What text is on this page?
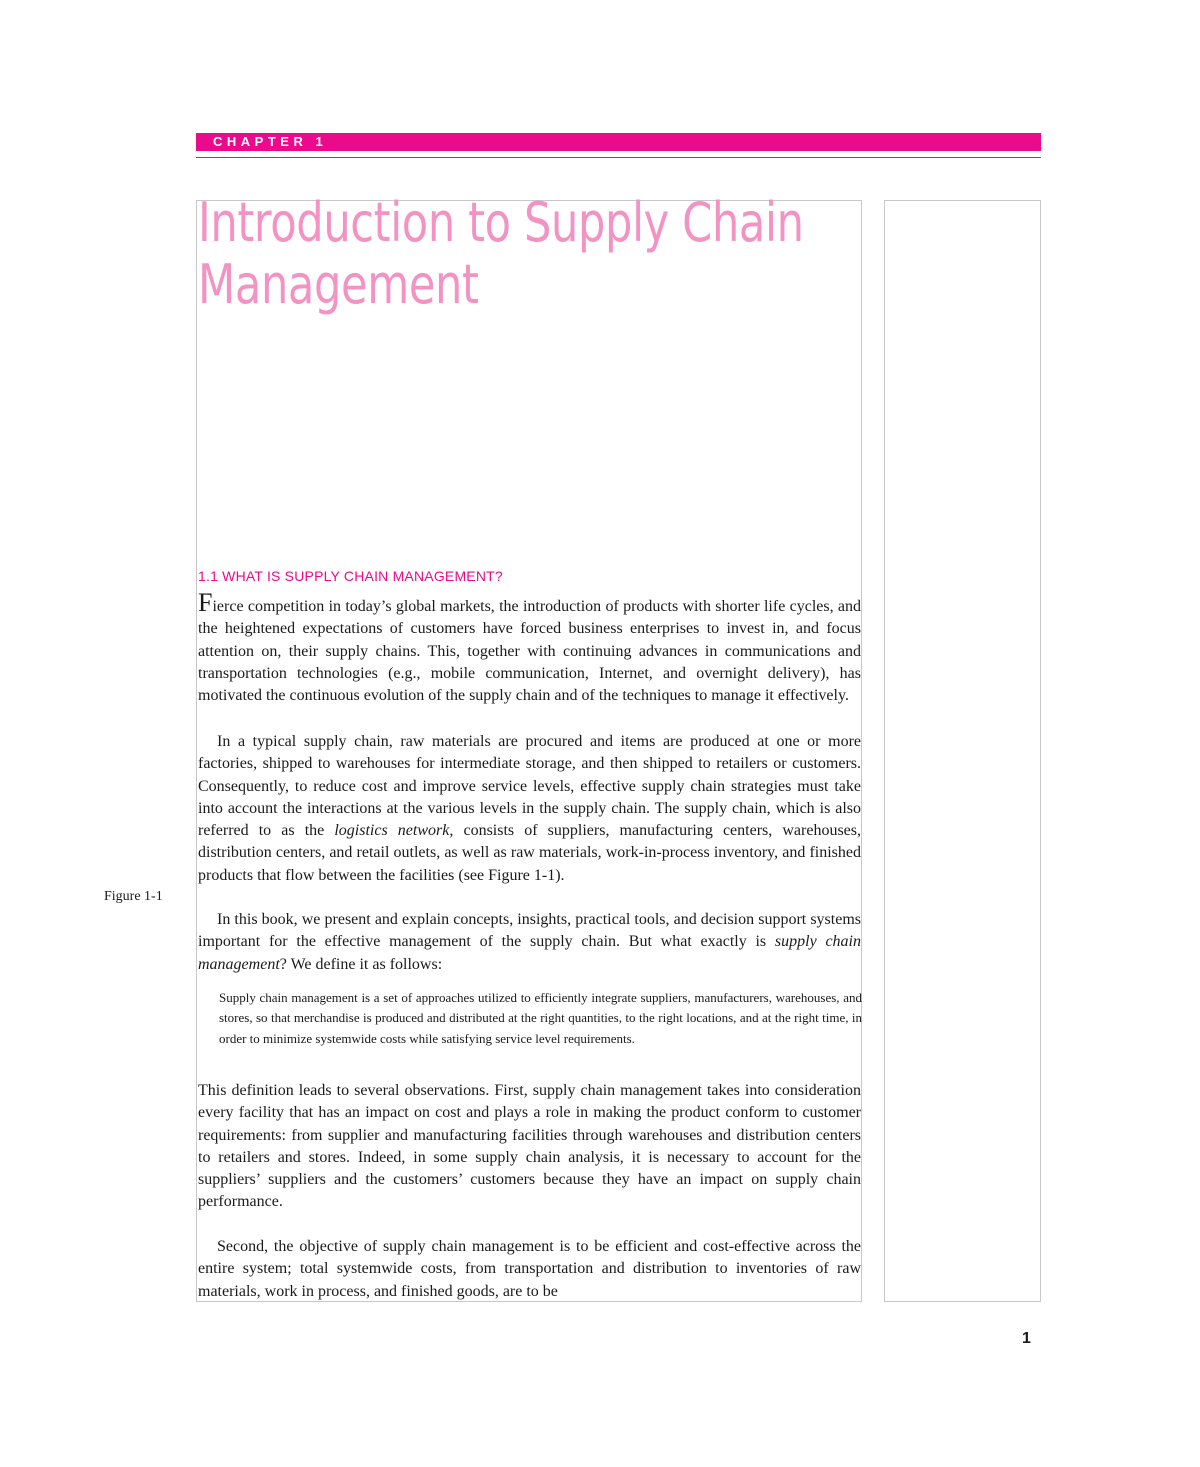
CHAPTER 1
Introduction to Supply Chain
Management
1.1 WHAT IS SUPPLY CHAIN MANAGEMENT?

Fierce competition in today’s global markets, the introduction of products with shorter life cycles, and the heightened expectations of customers have forced business enterprises to invest in, and focus attention on, their supply chains. This, together with continuing advances in communications and transportation technologies (e.g., mobile communication, Internet, and overnight delivery), has motivated the continuous evolution of the supply chain and of the techniques to manage it effectively.

In a typical supply chain, raw materials are procured and items are produced at one or more factories, shipped to warehouses for intermediate storage, and then shipped to retailers or customers. Consequently, to reduce cost and improve service levels, effective supply chain strategies must take into account the interactions at the various levels in the supply chain. The supply chain, which is also referred to as the logistics network, consists of suppliers, manufacturing centers, warehouses, distribution centers, and retail outlets, as well as raw materials, work-in-process inventory, and finished products that flow between the facilities (see Figure 1-1).

In this book, we present and explain concepts, insights, practical tools, and decision support systems important for the effective management of the supply chain. But what exactly is supply chain management? We define it as follows:

Supply chain management is a set of approaches utilized to efficiently integrate suppliers, manufacturers, warehouses, and stores, so that merchandise is produced and distributed at the right quantities, to the right locations, and at the right time, in order to minimize systemwide costs while satisfying service level requirements.

This definition leads to several observations. First, supply chain management takes into consideration every facility that has an impact on cost and plays a role in making the product conform to customer requirements: from supplier and manufacturing facilities through warehouses and distribution centers to retailers and stores. Indeed, in some supply chain analysis, it is necessary to account for the suppliers’ suppliers and the customers’ customers because they have an impact on supply chain performance.

Second, the objective of supply chain management is to be efficient and cost-effective across the entire system; total systemwide costs, from transportation and distribution to inventories of raw materials, work in process, and finished goods, are to be

Figure 1-1
1
